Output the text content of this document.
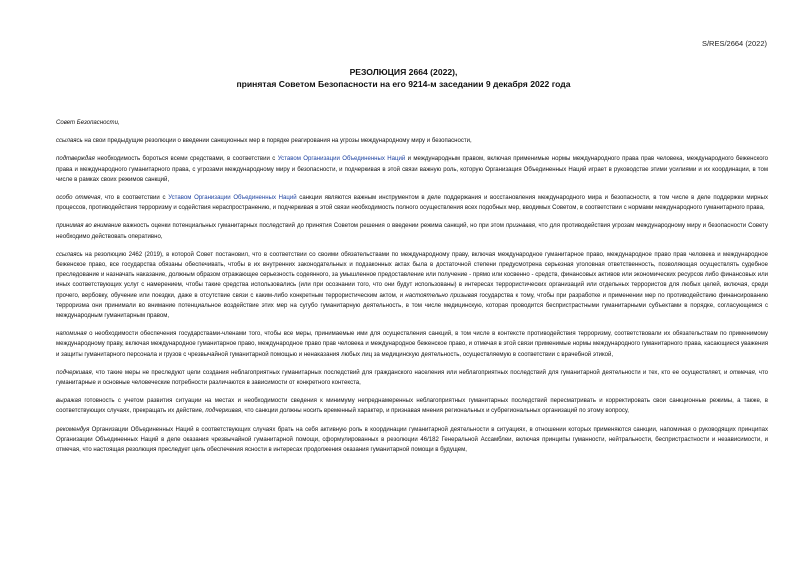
S/RES/2664 (2022)
РЕЗОЛЮЦИЯ 2664 (2022),
принятая Советом Безопасности на его 9214-м заседании 9 декабря 2022 года

Совет Безопасности,

ссылаясь на свои предыдущие резолюции о введении санкционных мер в порядке реагирования на угрозы международному миру и безопасности,

подтверждая необходимость бороться всеми средствами, в соответствии с Уставом Организации Объединенных Наций и международным правом, включая применимые нормы международного права прав человека, международного беженского права и международного гуманитарного права, с угрозами международному миру и безопасности, и подчеркивая в этой связи важную роль, которую Организация Объединенных Наций играет в руководстве этими усилиями и их координации, в том числе в рамках своих режимов санкций,

особо отмечая, что в соответствии с Уставом Организации Объединенных Наций санкции являются важным инструментом в деле поддержания и восстановления международного мира и безопасности, в том числе в деле поддержки мирных процессов, противодействия терроризму и содействия нераспространению, и подчеркивая в этой связи необходимость полного осуществления всех подобных мер, вводимых Советом, в соответствии с нормами международного гуманитарного права,

принимая во внимание важность оценки потенциальных гуманитарных последствий до принятия Советом решения о введении режима санкций, но при этом признавая, что для противодействия угрозам международному миру и безопасности Совету необходимо действовать оперативно,

ссылаясь на резолюцию 2462 (2019), в которой Совет постановил, что в соответствии со своими обязательствами по международному праву, включая международное гуманитарное право, международное право прав человека и международное беженское право, все государства обязаны обеспечивать, чтобы в их внутренних законодательных и подзаконных актах была в достаточной степени предусмотрена серьезная уголовная ответственность, позволяющая осуществлять судебное преследование и назначать наказание, должным образом отражающее серьезность содеянного, за умышленное предоставление или получение - прямо или косвенно - средств, финансовых активов или экономических ресурсов либо финансовых или иных соответствующих услуг с намерением, чтобы такие средства использовались (или при осознании того, что они будут использованы) в интересах террористических организаций или отдельных террористов для любых целей, включая, среди прочего, вербовку, обучение или поездки, даже в отсутствие связи с каким-либо конкретным террористическим актом, и настоятельно призывая государства к тому, чтобы при разработке и применении мер по противодействию финансированию терроризма они принимали во внимание потенциальное воздействие этих мер на сугубо гуманитарную деятельность, в том числе медицинскую, которая проводится беспристрастными гуманитарными субъектами в порядке, согласующемся с международным гуманитарным правом,

напоминая о необходимости обеспечения государствами-членами того, чтобы все меры, принимаемые ими для осуществления санкций, в том числе в контексте противодействия терроризму, соответствовали их обязательствам по применимому международному праву, включая международное гуманитарное право, международное право прав человека и международное беженское право, и отмечая в этой связи применимые нормы международного гуманитарного права, касающиеся уважения и защиты гуманитарного персонала и грузов с чрезвычайной гуманитарной помощью и ненаказания любых лиц за медицинскую деятельность, осуществляемую в соответствии с врачебной этикой,

подчеркивая, что такие меры не преследуют цели создания неблагоприятных гуманитарных последствий для гражданского населения или неблагоприятных последствий для гуманитарной деятельности и тех, кто ее осуществляет, и отмечая, что гуманитарные и основные человеческие потребности различаются в зависимости от конкретного контекста,

выражая готовность с учетом развития ситуации на местах и необходимости сведения к минимуму непреднамеренных неблагоприятных гуманитарных последствий пересматривать и корректировать свои санкционные режимы, а также, в соответствующих случаях, прекращать их действие, подчеркивая, что санкции должны носить временный характер, и признавая мнения региональных и субрегиональных организаций по этому вопросу,

рекомендуя Организации Объединенных Наций в соответствующих случаях брать на себя активную роль в координации гуманитарной деятельности в ситуациях, в отношении которых применяются санкции, напоминая о руководящих принципах Организации Объединенных Наций в деле оказания чрезвычайной гуманитарной помощи, сформулированных в резолюции 46/182 Генеральной Ассамблеи, включая принципы гуманности, нейтральности, беспристрастности и независимости, и отмечая, что настоящая резолюция преследует цель обеспечения ясности в интересах продолжения оказания гуманитарной помощи в будущем,
